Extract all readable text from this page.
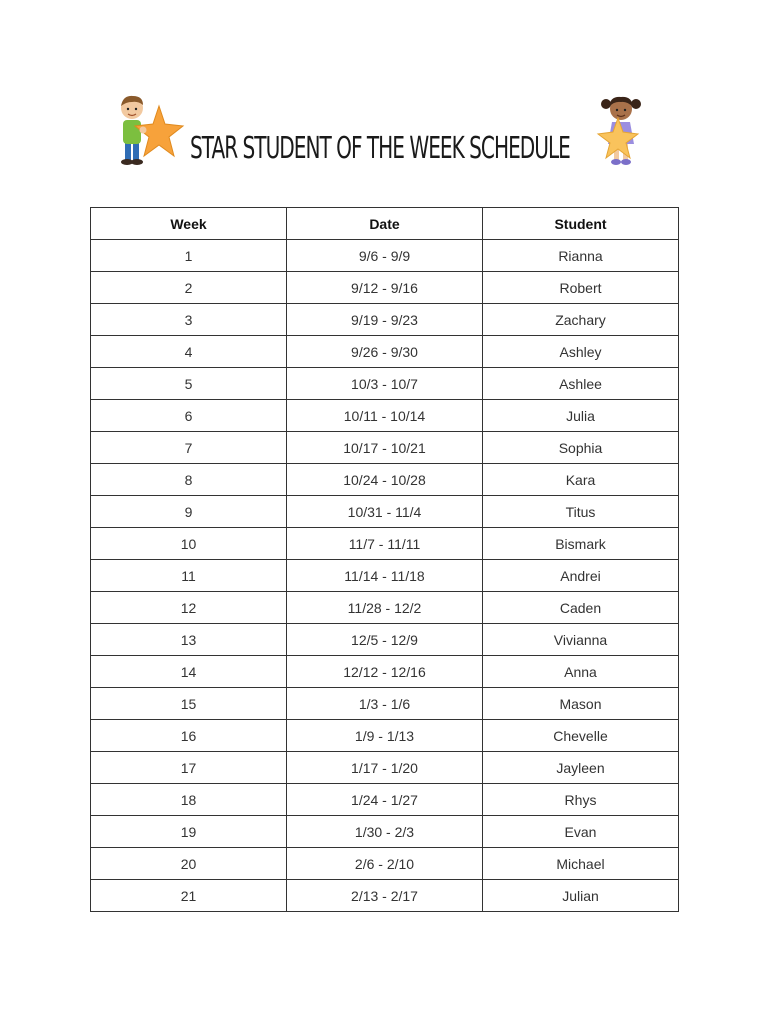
STAR STUDENT OF THE WEEK SCHEDULE
Week	Date	Student
1	9/6 - 9/9	Rianna
2	9/12 - 9/16	Robert
3	9/19 - 9/23	Zachary
4	9/26 - 9/30	Ashley
5	10/3 - 10/7	Ashlee
6	10/11 - 10/14	Julia
7	10/17 - 10/21	Sophia
8	10/24 - 10/28	Kara
9	10/31 - 11/4	Titus
10	11/7 - 11/11	Bismark
11	11/14 - 11/18	Andrei
12	11/28 - 12/2	Caden
13	12/5 - 12/9	Vivianna
14	12/12 - 12/16	Anna
15	1/3 - 1/6	Mason
16	1/9 - 1/13	Chevelle
17	1/17 - 1/20	Jayleen
18	1/24 - 1/27	Rhys
19	1/30 - 2/3	Evan
20	2/6 - 2/10	Michael
21	2/13 - 2/17	Julian
